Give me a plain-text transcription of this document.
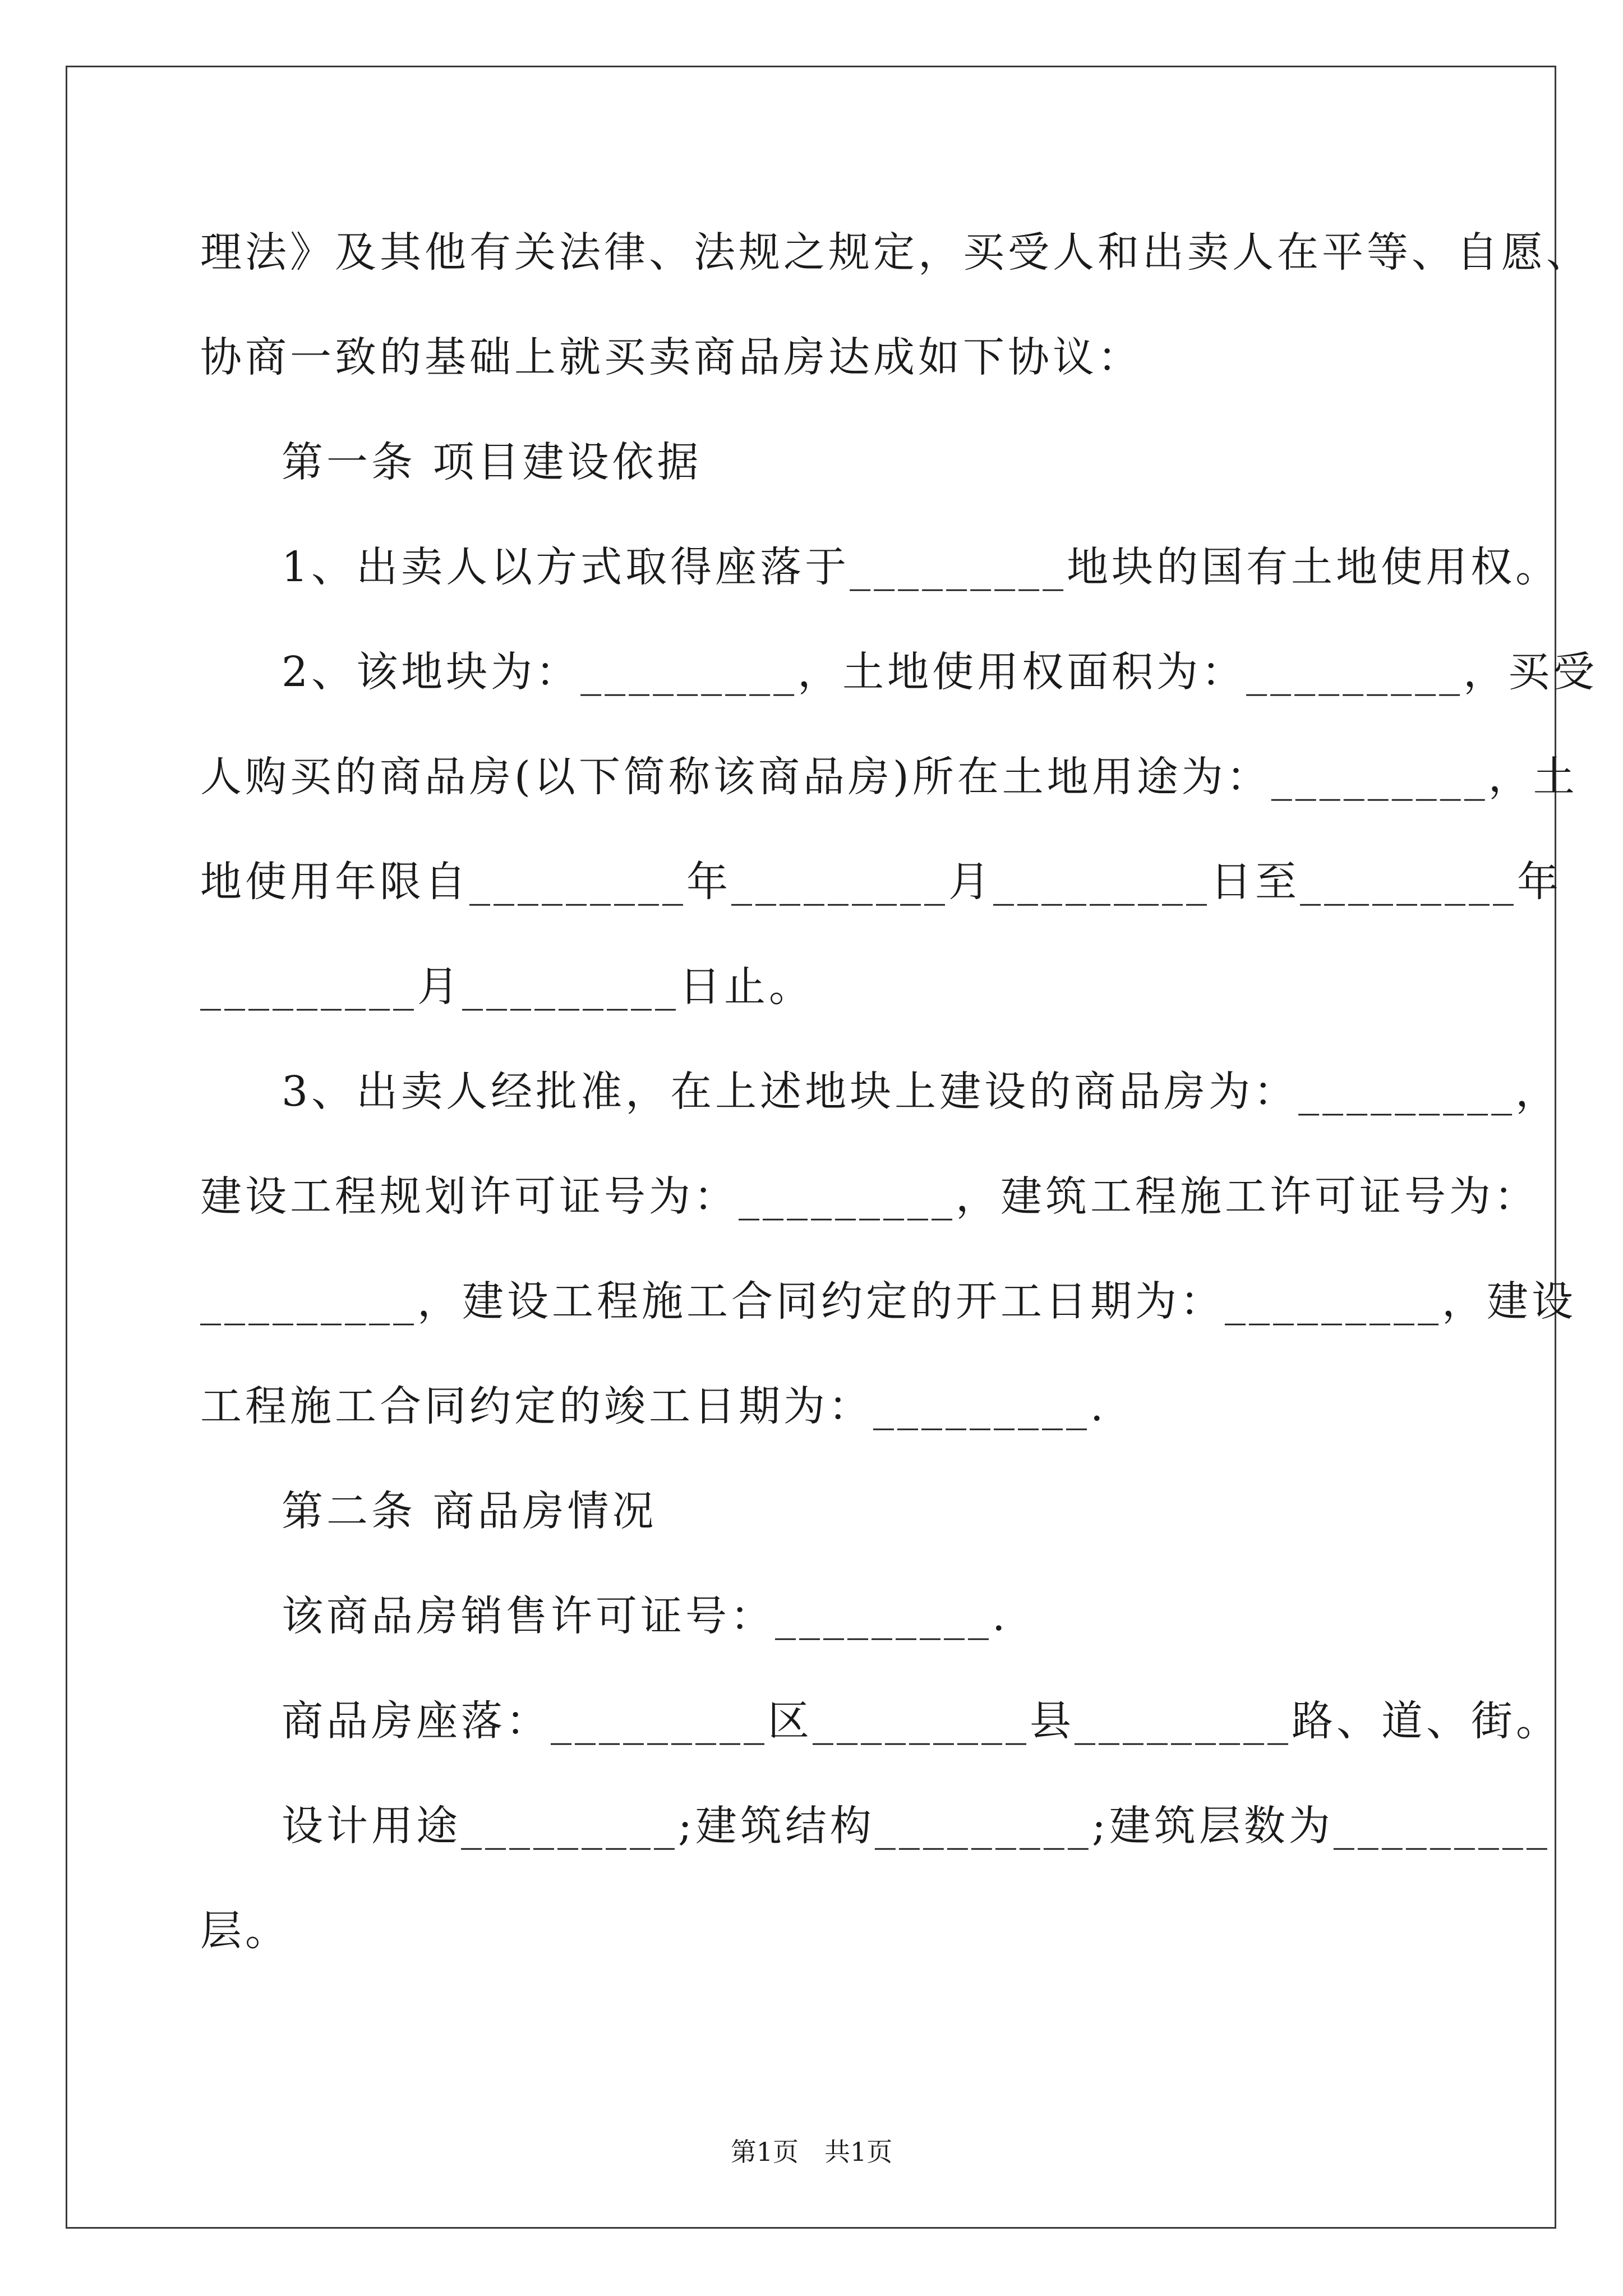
理法》及其他有关法律、法规之规定，买受人和出卖人在平等、自愿、
协商一致的基础上就买卖商品房达成如下协议：
第一条 项目建设依据
1、出卖人以方式取得座落于_________地块的国有土地使用权。
2、该地块为：_________，土地使用权面积为：_________，买受
人购买的商品房(以下简称该商品房)所在土地用途为：_________，土
地使用年限自_________年_________月_________日至_________年
_________月_________日止。
3、出卖人经批准，在上述地块上建设的商品房为：_________，
建设工程规划许可证号为：_________，建筑工程施工许可证号为：
_________，建设工程施工合同约定的开工日期为：_________，建设
工程施工合同约定的竣工日期为：_________.
第二条 商品房情况
该商品房销售许可证号：_________.
商品房座落：_________区_________县_________路、道、街。
设计用途_________;建筑结构_________;建筑层数为_________
层。
第1页　共1页
